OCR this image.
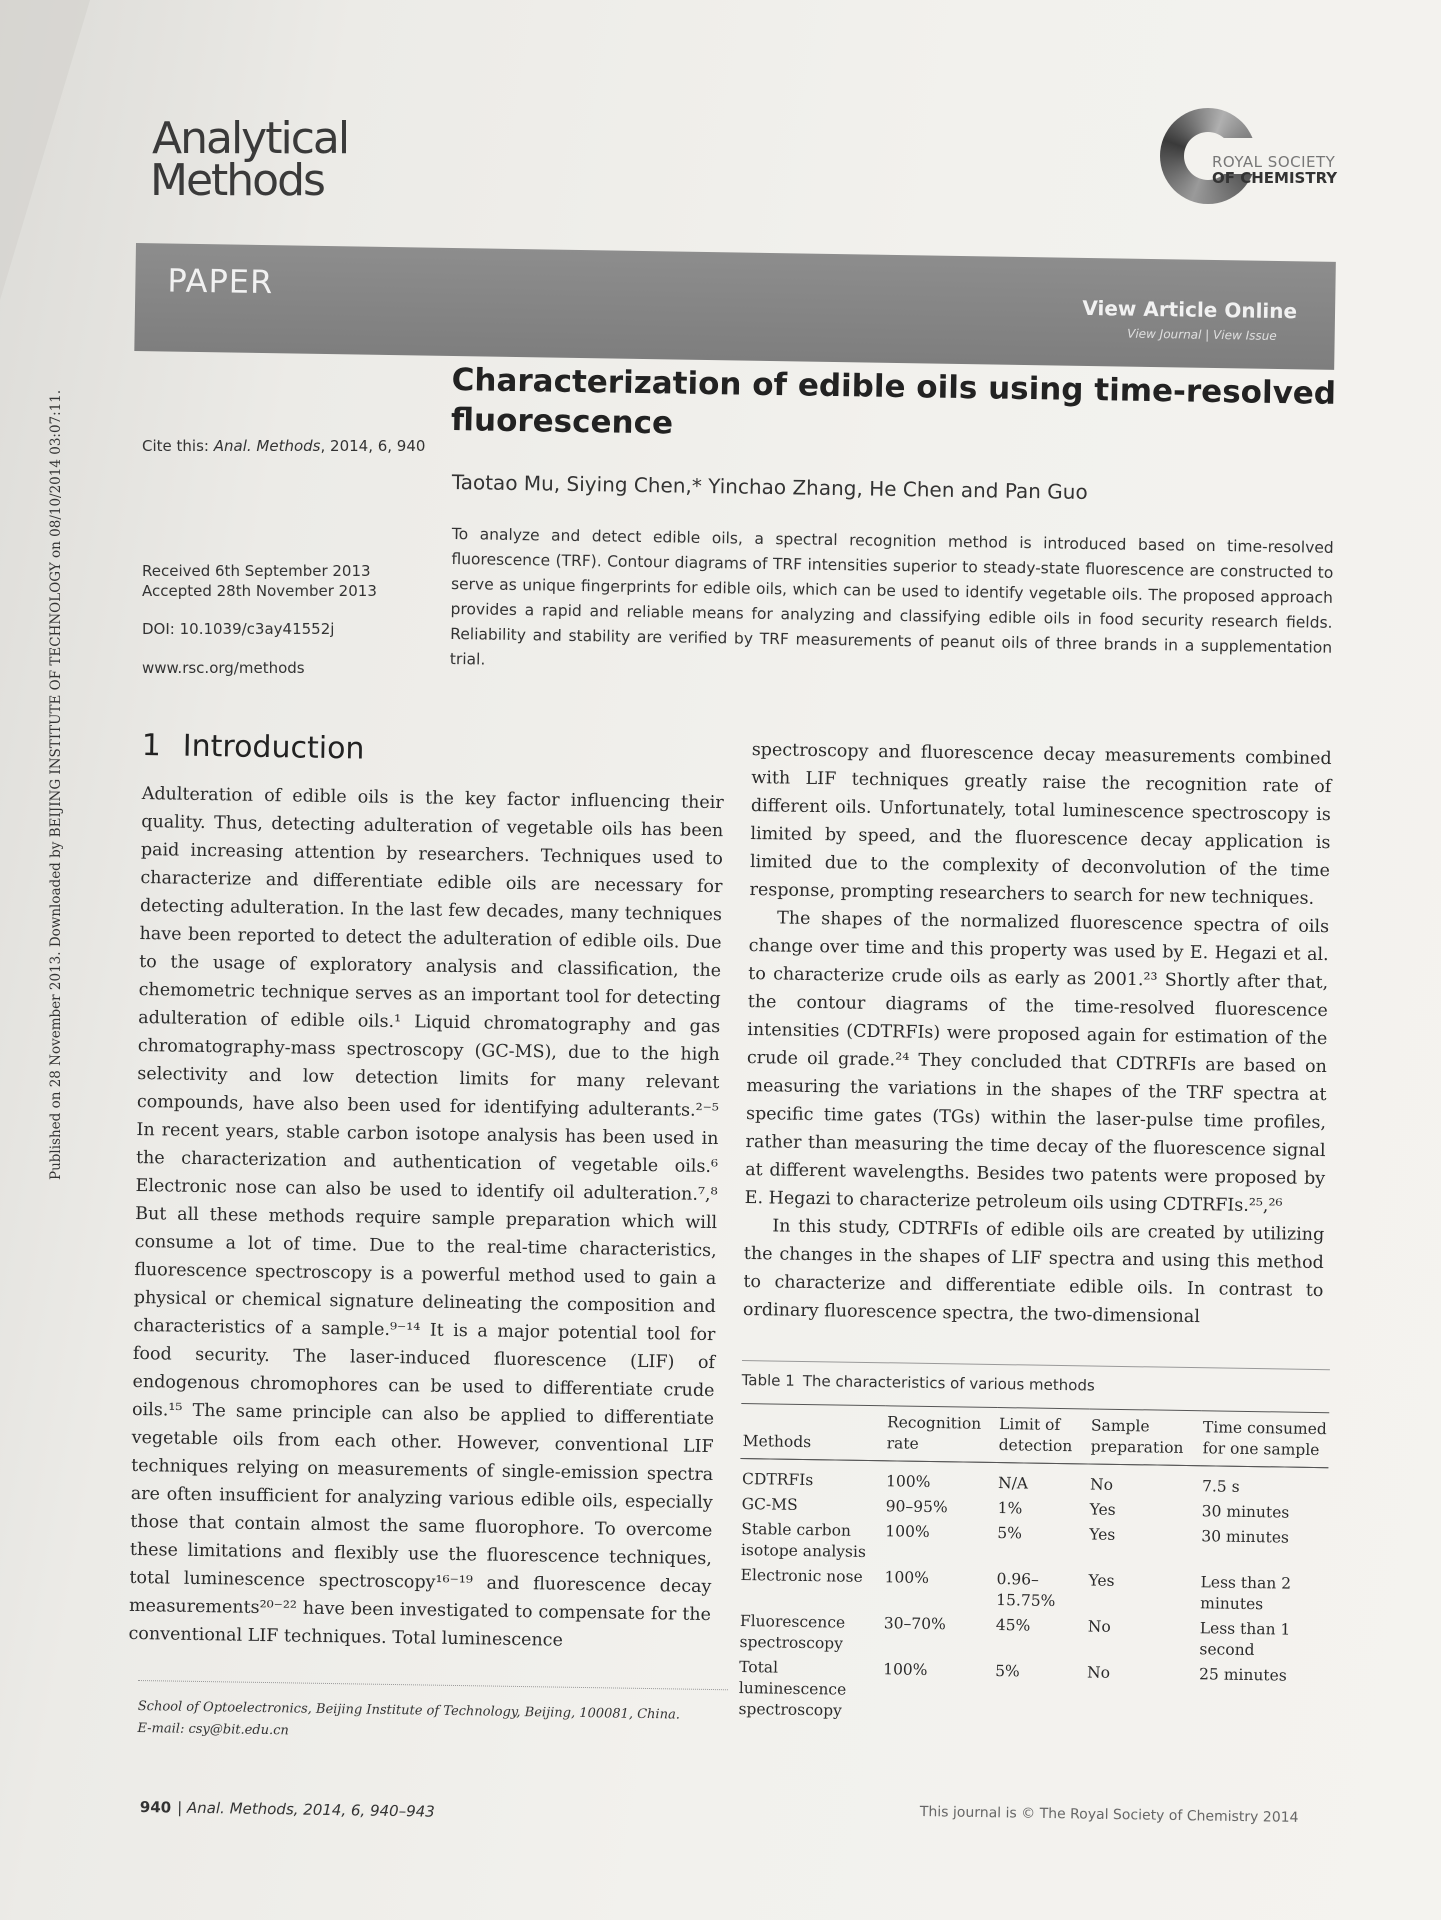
Published on 28 November 2013. Downloaded by BEIJING INSTITUTE OF TECHNOLOGY on 08/10/2014 03:07:11.
Analytical
Methods	ROYAL SOCIETY
OF CHEMISTRY
PAPER
View Article Online
View Journal | View Issue
Cite this: Anal. Methods, 2014, 6, 940
Received 6th September 2013
Accepted 28th November 2013
DOI: 10.1039/c3ay41552j
www.rsc.org/methods
Characterization of edible oils using time-resolved fluorescence
Taotao Mu, Siying Chen,* Yinchao Zhang, He Chen and Pan Guo
To analyze and detect edible oils, a spectral recognition method is introduced based on time-resolved fluorescence (TRF). Contour diagrams of TRF intensities superior to steady-state fluorescence are constructed to serve as unique fingerprints for edible oils, which can be used to identify vegetable oils. The proposed approach provides a rapid and reliable means for analyzing and classifying edible oils in food security research fields. Reliability and stability are verified by TRF measurements of peanut oils of three brands in a supplementation trial.
1 Introduction

Adulteration of edible oils is the key factor influencing their quality. Thus, detecting adulteration of vegetable oils has been paid increasing attention by researchers. Techniques used to characterize and differentiate edible oils are necessary for detecting adulteration. In the last few decades, many techniques have been reported to detect the adulteration of edible oils. Due to the usage of exploratory analysis and classification, the chemometric technique serves as an important tool for detecting adulteration of edible oils.¹ Liquid chromatography and gas chromatography-mass spectroscopy (GC-MS), due to the high selectivity and low detection limits for many relevant compounds, have also been used for identifying adulterants.²⁻⁵ In recent years, stable carbon isotope analysis has been used in the characterization and authentication of vegetable oils.⁶ Electronic nose can also be used to identify oil adulteration.⁷,⁸ But all these methods require sample preparation which will consume a lot of time. Due to the real-time characteristics, fluorescence spectroscopy is a powerful method used to gain a physical or chemical signature delineating the composition and characteristics of a sample.⁹⁻¹⁴ It is a major potential tool for food security. The laser-induced fluorescence (LIF) of endogenous chromophores can be used to differentiate crude oils.¹⁵ The same principle can also be applied to differentiate vegetable oils from each other. However, conventional LIF techniques relying on measurements of single-emission spectra are often insufficient for analyzing various edible oils, especially those that contain almost the same fluorophore. To overcome these limitations and flexibly use the fluorescence techniques, total luminescence spectroscopy¹⁶⁻¹⁹ and fluorescence decay measurements²⁰⁻²² have been investigated to compensate for the conventional LIF techniques. Total luminescence

spectroscopy and fluorescence decay measurements combined with LIF techniques greatly raise the recognition rate of different oils. Unfortunately, total luminescence spectroscopy is limited by speed, and the fluorescence decay application is limited due to the complexity of deconvolution of the time response, prompting researchers to search for new techniques.

The shapes of the normalized fluorescence spectra of oils change over time and this property was used by E. Hegazi et al. to characterize crude oils as early as 2001.²³ Shortly after that, the contour diagrams of the time-resolved fluorescence intensities (CDTRFIs) were proposed again for estimation of the crude oil grade.²⁴ They concluded that CDTRFIs are based on measuring the variations in the shapes of the TRF spectra at specific time gates (TGs) within the laser-pulse time profiles, rather than measuring the time decay of the fluorescence signal at different wavelengths. Besides two patents were proposed by E. Hegazi to characterize petroleum oils using CDTRFIs.²⁵,²⁶

In this study, CDTRFIs of edible oils are created by utilizing the changes in the shapes of LIF spectra and using this method to characterize and differentiate edible oils. In contrast to ordinary fluorescence spectra, the two-dimensional

School of Optoelectronics, Beijing Institute of Technology, Beijing, 100081, China.
E-mail: csy@bit.edu.cn
Table 1 The characteristics of various methods
Methods	Recognition rate	Limit of detection	Sample preparation	Time consumed for one sample
CDTRFIs	100%	N/A	No	7.5 s
GC-MS	90–95%	1%	Yes	30 minutes
Stable carbon isotope analysis	100%	5%	Yes	30 minutes
Electronic nose	100%	0.96–15.75%	Yes	Less than 2 minutes
Fluorescence spectroscopy	30–70%	45%	No	Less than 1 second
Total luminescence spectroscopy	100%	5%	No	25 minutes
940 | Anal. Methods, 2014, 6, 940–943	This journal is © The Royal Society of Chemistry 2014
